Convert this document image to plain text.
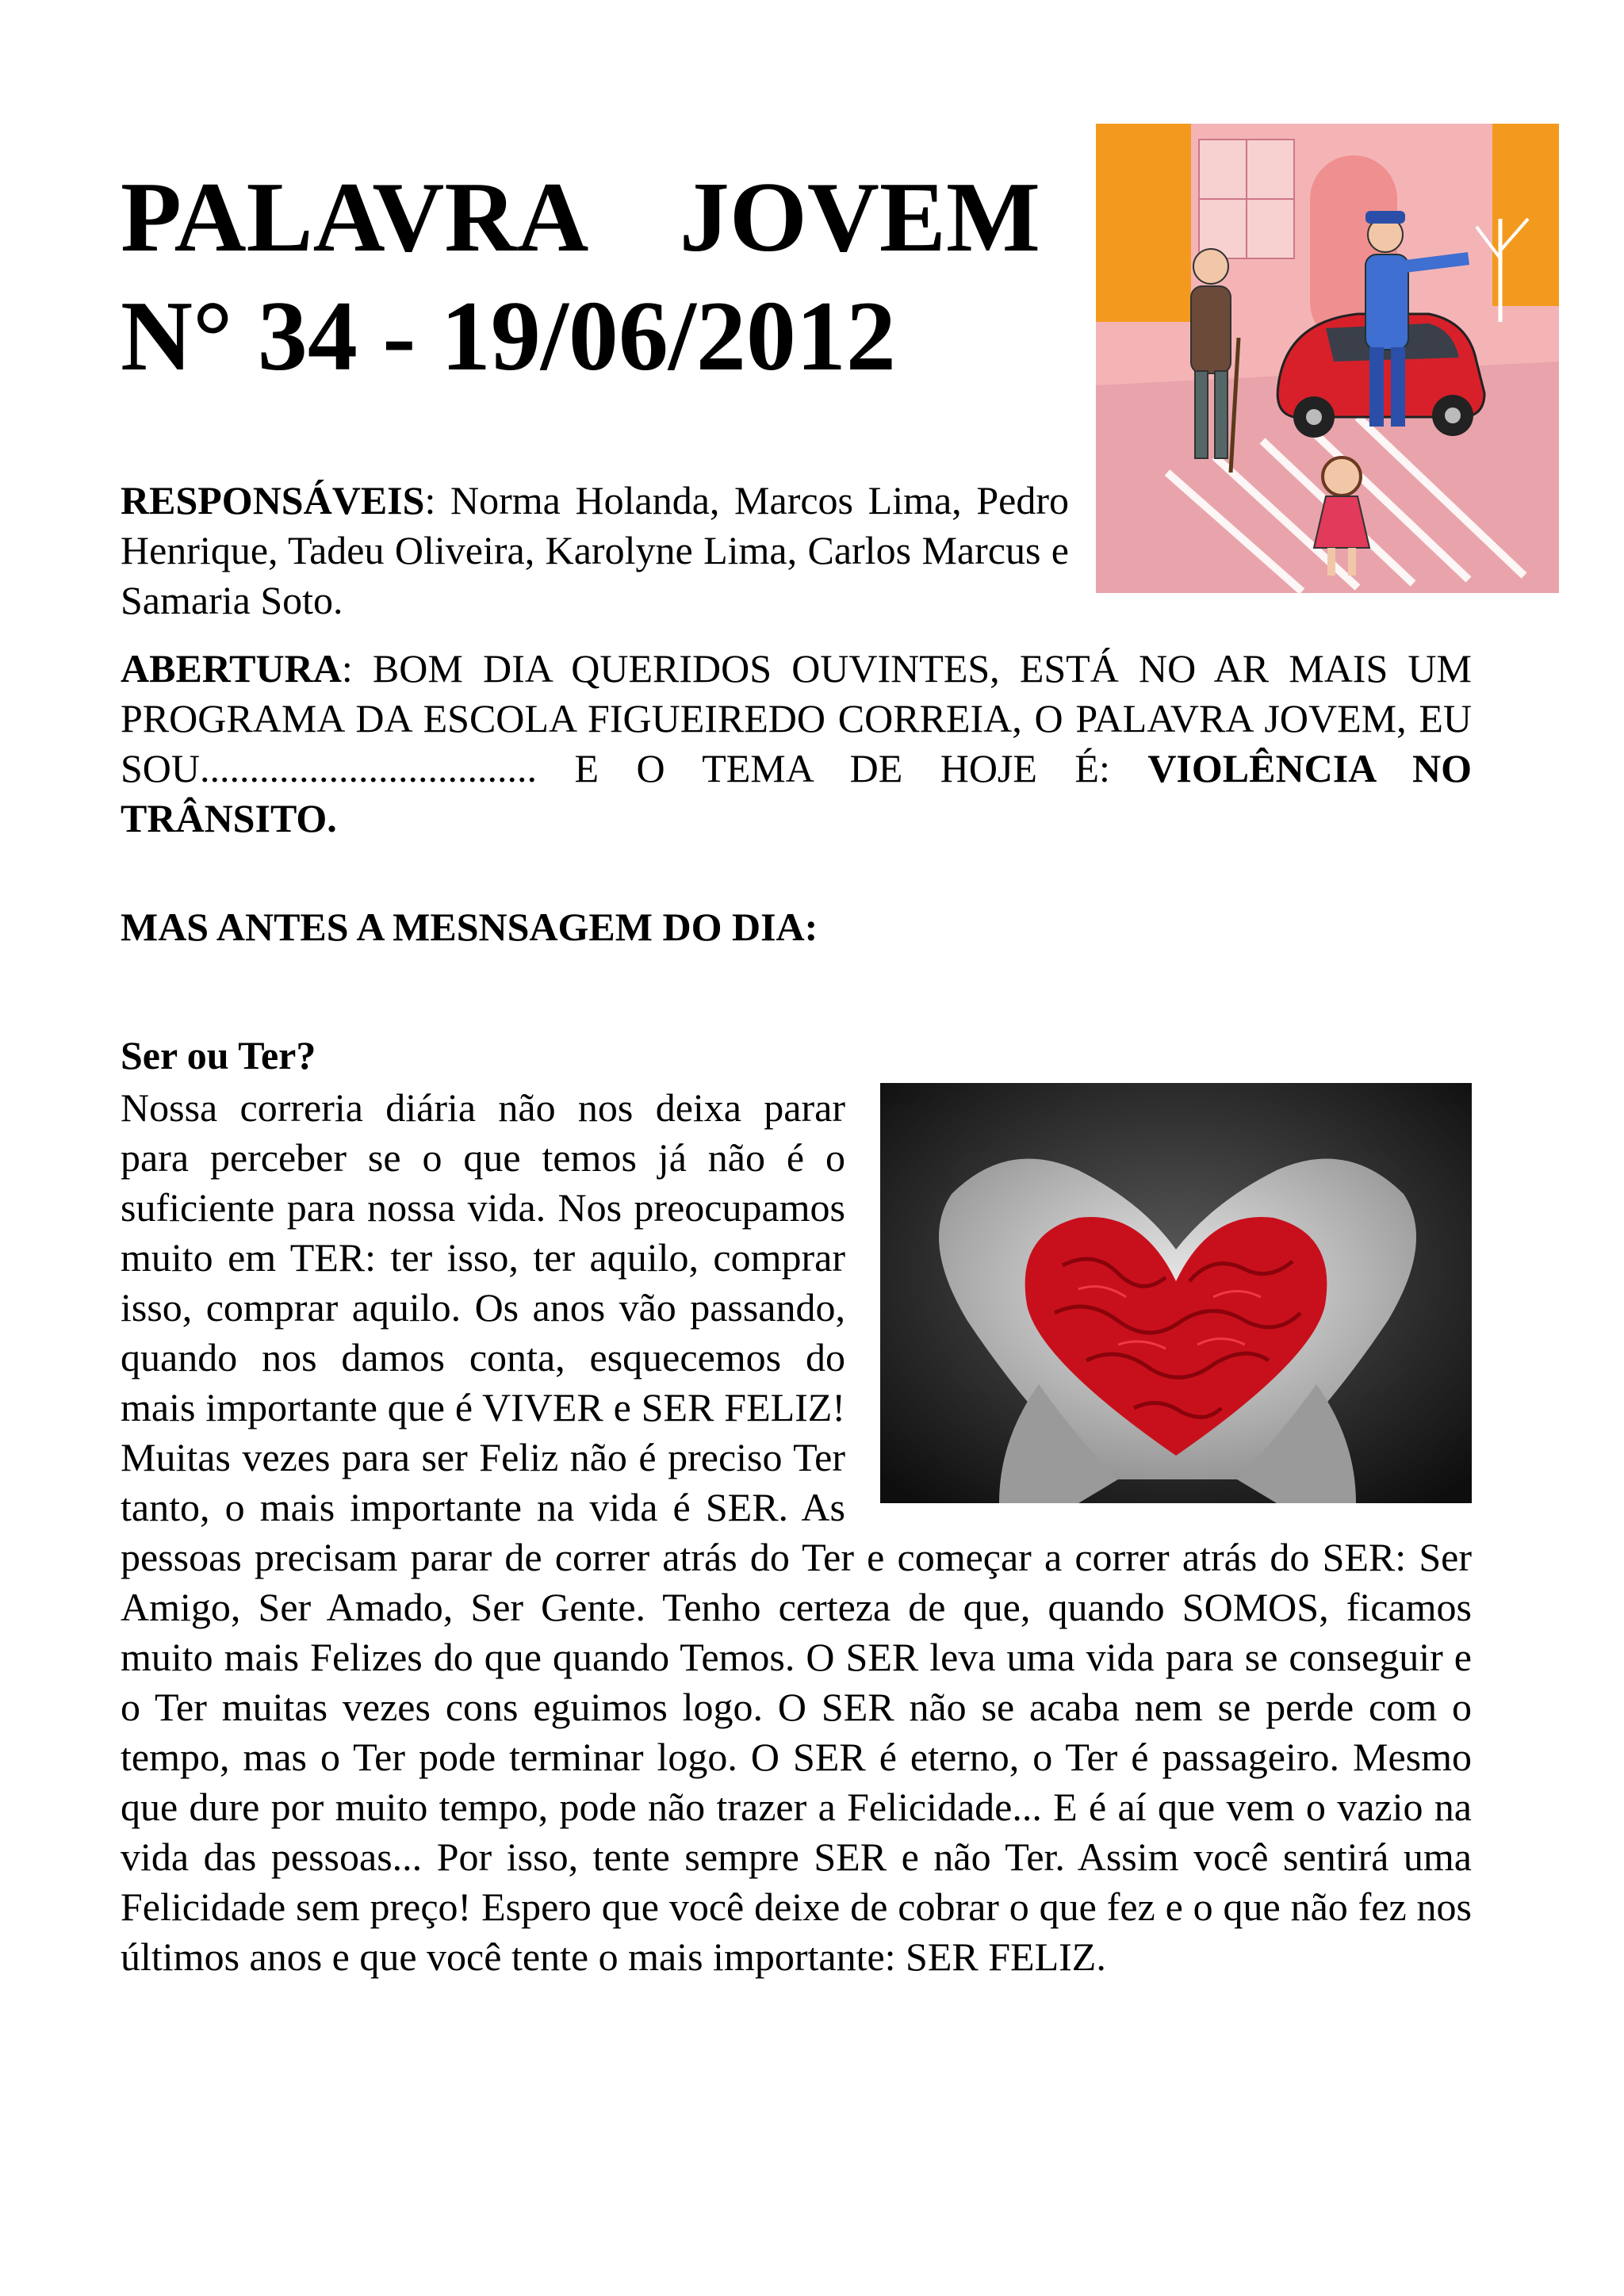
PALAVRA JOVEM
N° 34 - 19/06/2012
RESPONSÁVEIS: Norma Holanda, Marcos Lima, Pedro Henrique, Tadeu Oliveira, Karolyne Lima, Carlos Marcus e Samaria Soto.
ABERTURA: BOM DIA QUERIDOS OUVINTES, ESTÁ NO AR MAIS UM PROGRAMA DA ESCOLA FIGUEIREDO CORREIA, O PALAVRA JOVEM, EU SOU.................................. E O TEMA DE HOJE É: VIOLÊNCIA NO TRÂNSITO.
MAS ANTES A MESNSAGEM DO DIA:
Ser ou Ter?
Nossa correria diária não nos deixa parar para perceber se o que temos já não é o suficiente para nossa vida. Nos preocupamos muito em TER: ter isso, ter aquilo, comprar isso, comprar aquilo. Os anos vão passando, quando nos damos conta, esquecemos do mais importante que é VIVER e SER FELIZ! Muitas vezes para ser Feliz não é preciso Ter tanto, o mais importante na vida é SER. As pessoas precisam parar de correr atrás do Ter e começar a correr atrás do SER: Ser Amigo, Ser Amado, Ser Gente. Tenho certeza de que, quando SOMOS, ficamos muito mais Felizes do que quando Temos. O SER leva uma vida para se conseguir e o Ter muitas vezes cons eguimos logo. O SER não se acaba nem se perde com o tempo, mas o Ter pode terminar logo. O SER é eterno, o Ter é passageiro. Mesmo que dure por muito tempo, pode não trazer a Felicidade... E é aí que vem o vazio na vida das pessoas... Por isso, tente sempre SER e não Ter. Assim você sentirá uma Felicidade sem preço! Espero que você deixe de cobrar o que fez e o que não fez nos últimos anos e que você tente o mais importante: SER FELIZ.
